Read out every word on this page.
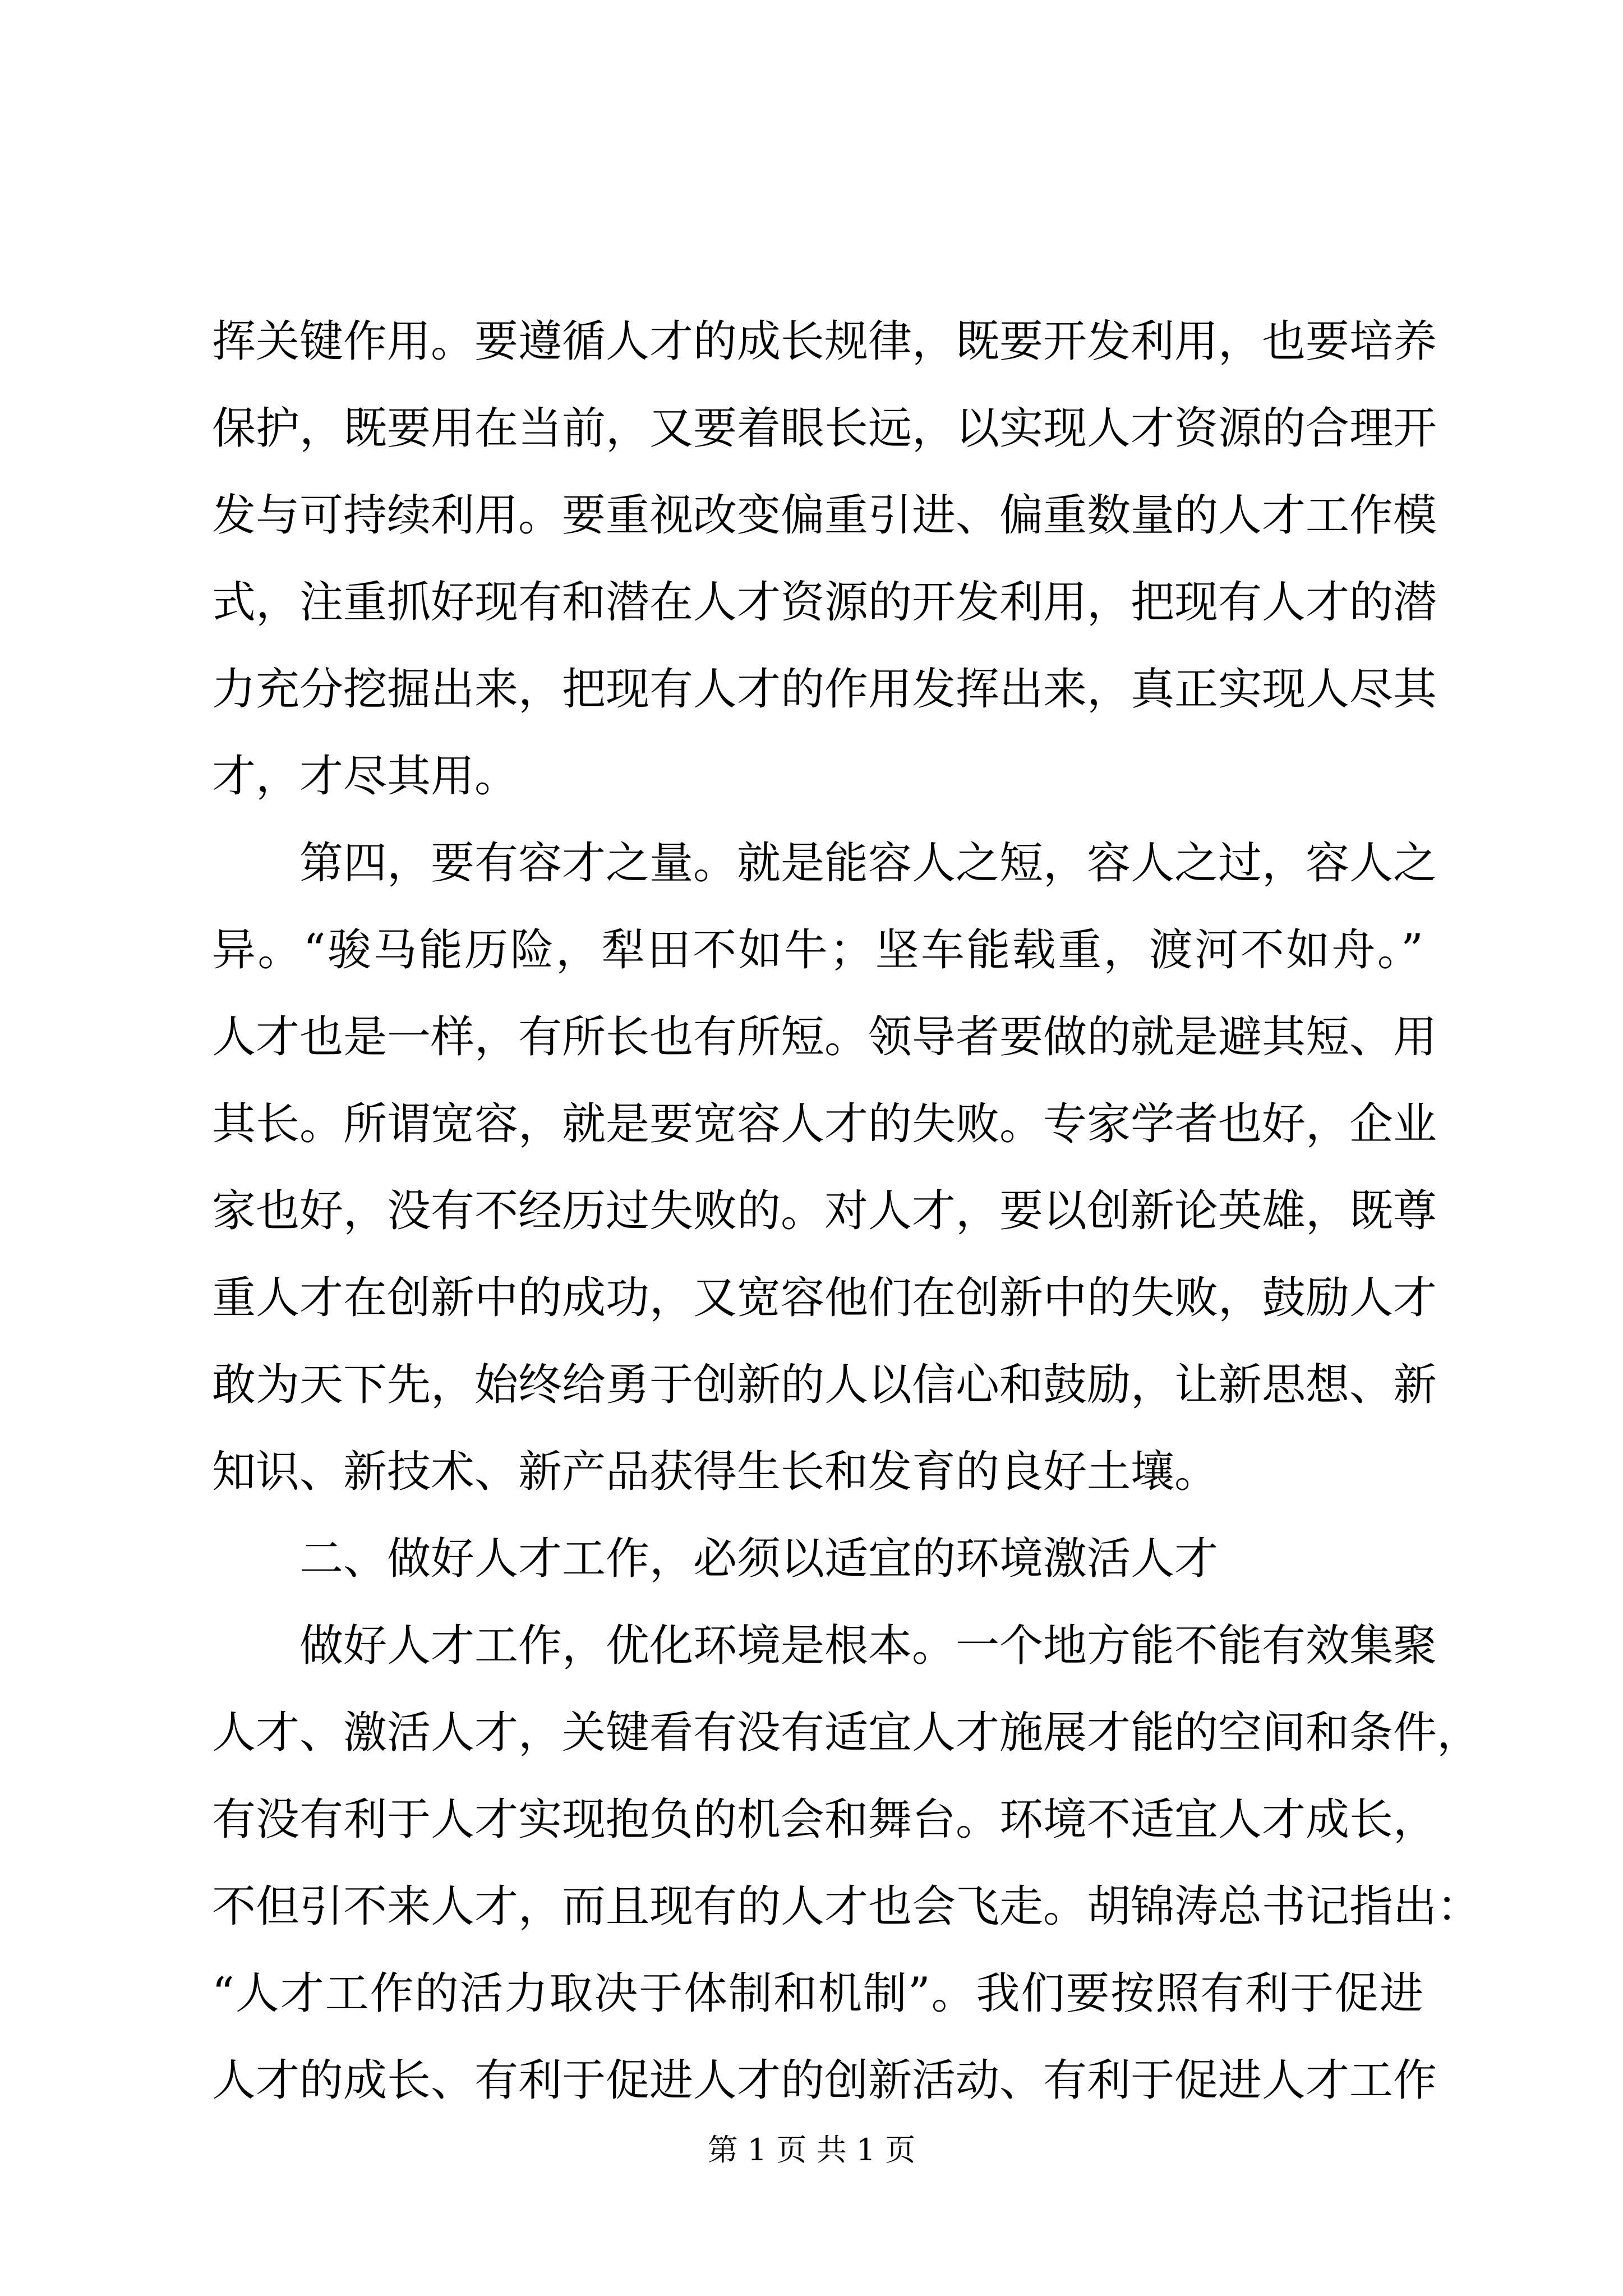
挥关键作用。要遵循人才的成长规律，既要开发利用，也要培养
保护，既要用在当前，又要着眼长远，以实现人才资源的合理开
发与可持续利用。要重视改变偏重引进、偏重数量的人才工作模
式，注重抓好现有和潜在人才资源的开发利用，把现有人才的潜
力充分挖掘出来，把现有人才的作用发挥出来，真正实现人尽其
才，才尽其用。
　　第四，要有容才之量。就是能容人之短，容人之过，容人之
异。“骏马能历险，犁田不如牛；坚车能载重，渡河不如舟。”
人才也是一样，有所长也有所短。领导者要做的就是避其短、用
其长。所谓宽容，就是要宽容人才的失败。专家学者也好，企业
家也好，没有不经历过失败的。对人才，要以创新论英雄，既尊
重人才在创新中的成功，又宽容他们在创新中的失败，鼓励人才
敢为天下先，始终给勇于创新的人以信心和鼓励，让新思想、新
知识、新技术、新产品获得生长和发育的良好土壤。
　　二、做好人才工作，必须以适宜的环境激活人才
　　做好人才工作，优化环境是根本。一个地方能不能有效集聚
人才、激活人才，关键看有没有适宜人才施展才能的空间和条件，
有没有利于人才实现抱负的机会和舞台。环境不适宜人才成长，
不但引不来人才，而且现有的人才也会飞走。胡锦涛总书记指出：
“人才工作的活力取决于体制和机制”。我们要按照有利于促进
人才的成长、有利于促进人才的创新活动、有利于促进人才工作
第 1 页 共 1 页
